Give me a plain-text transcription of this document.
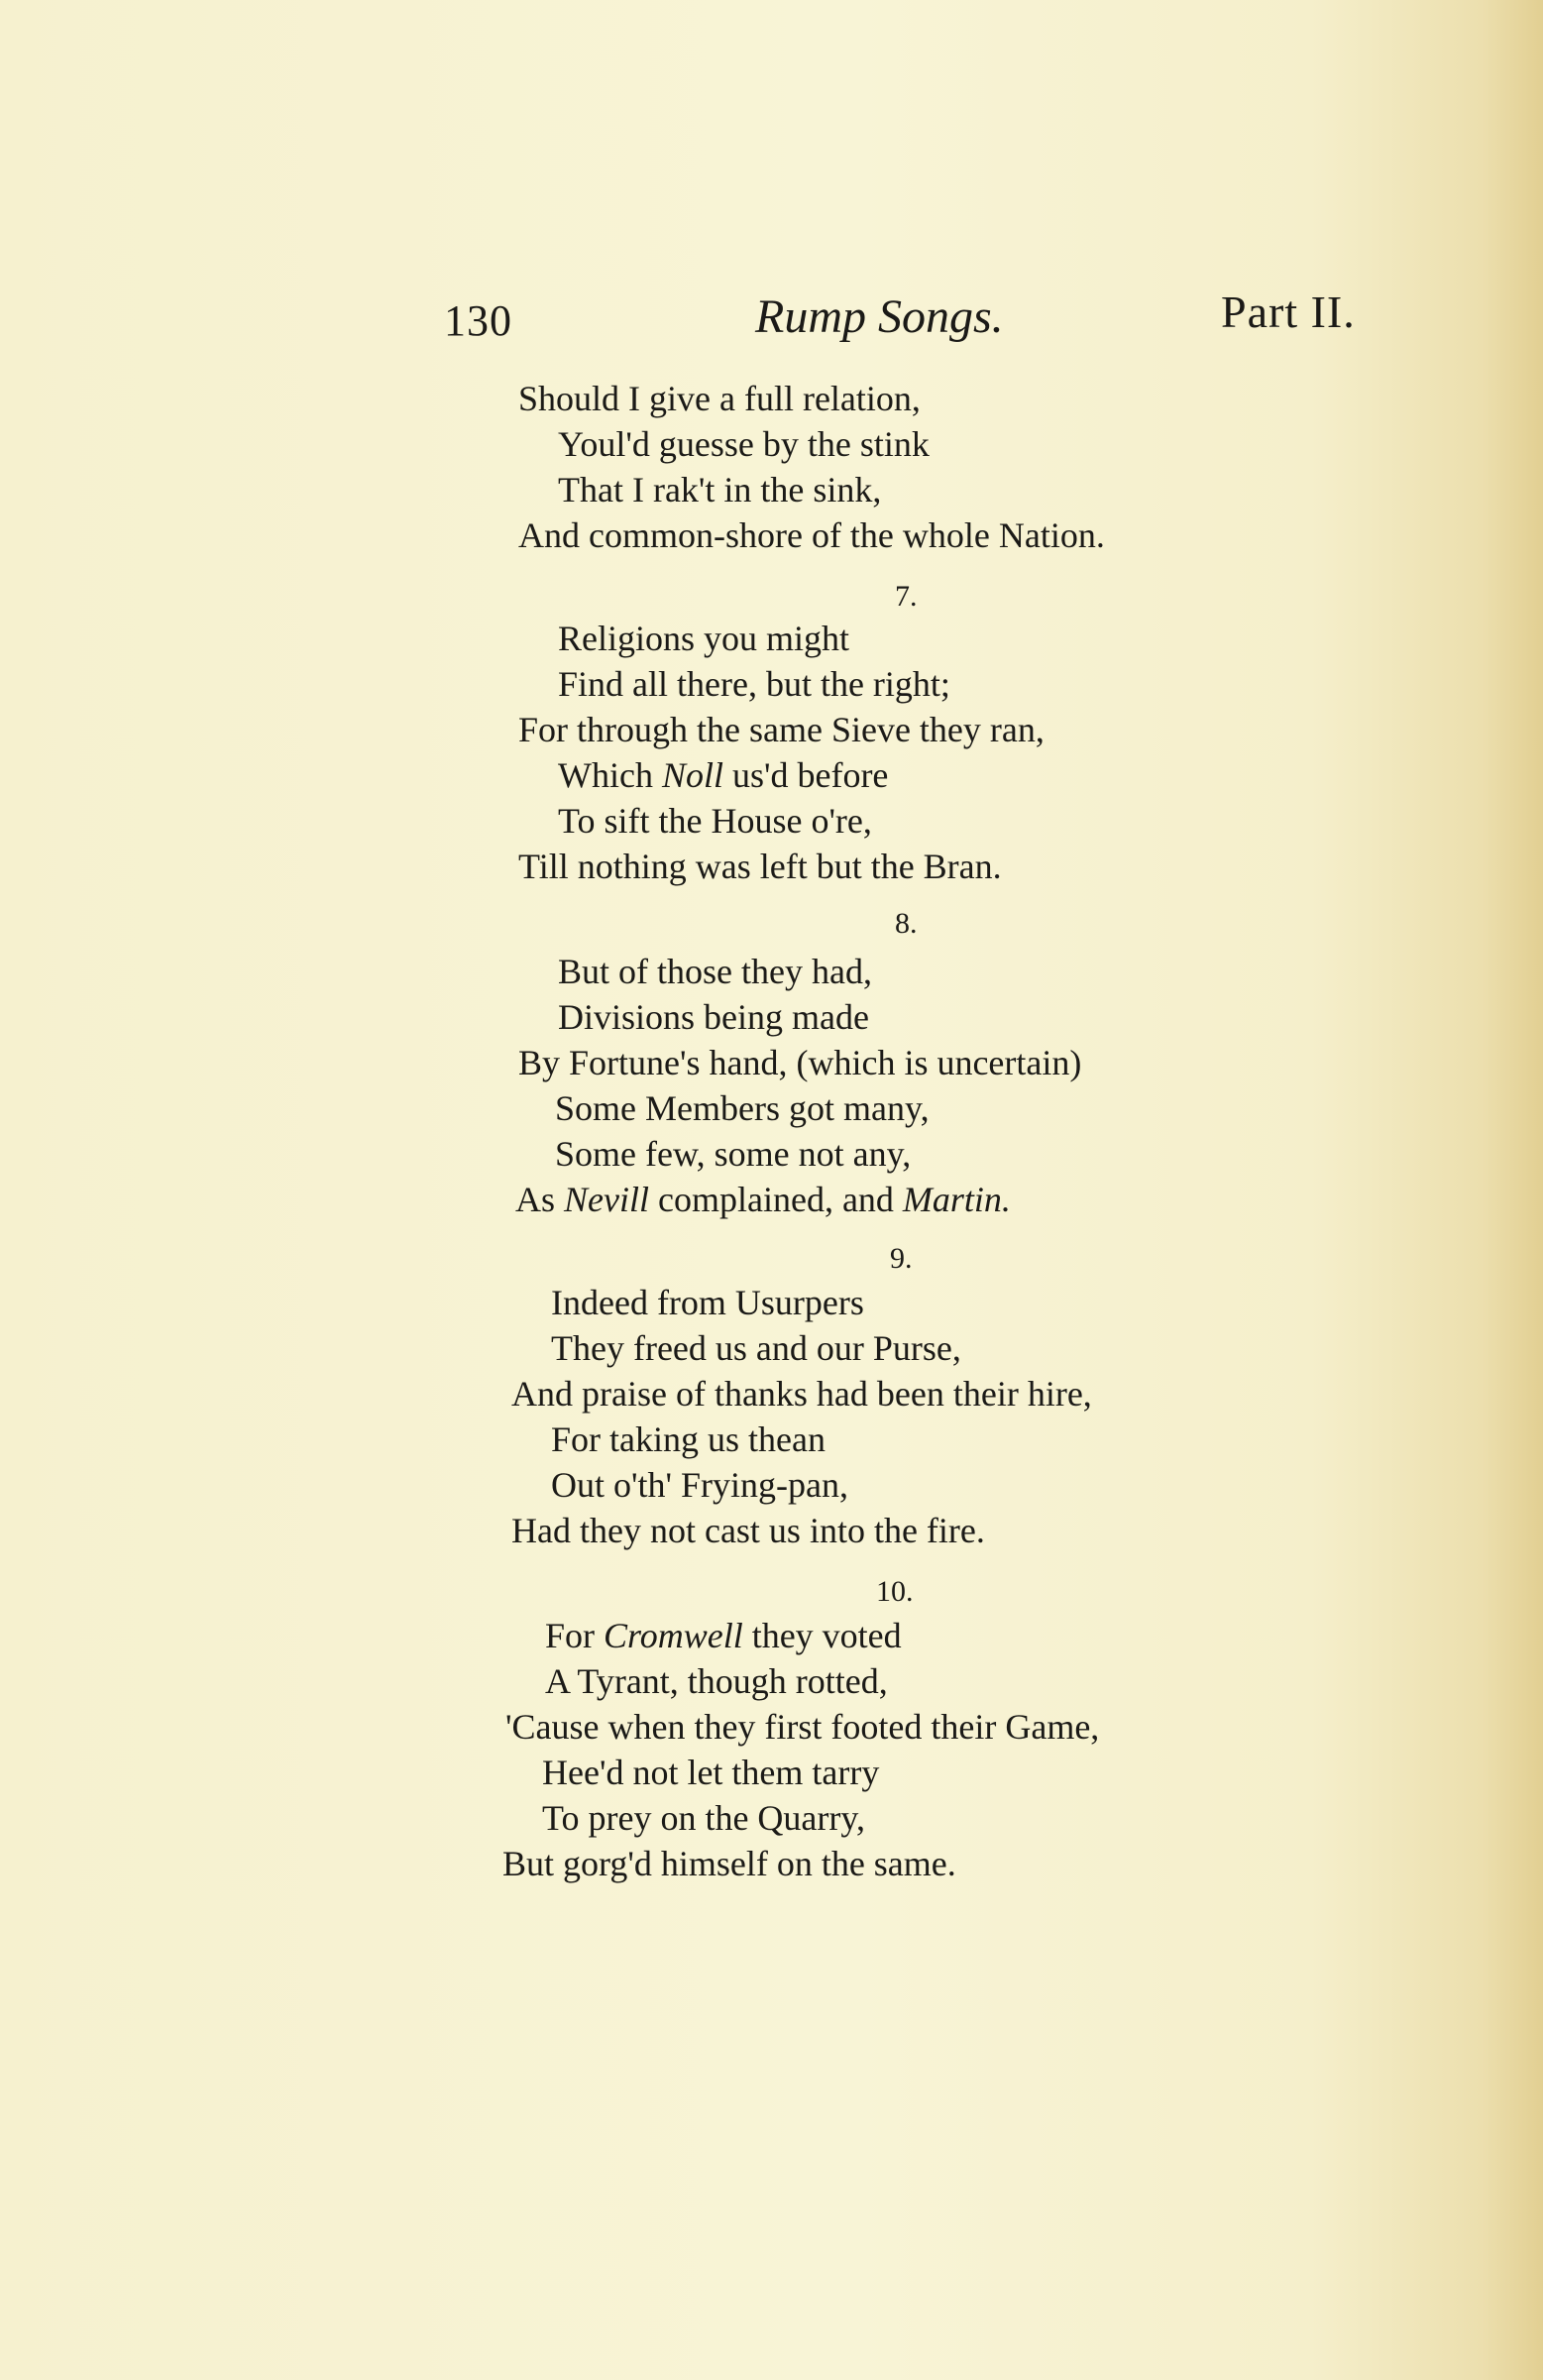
130	Rump Songs.	Part II.
Should I give a full relation,
Youl'd guesse by the stink
That I rak't in the sink,
And common-shore of the whole Nation.
7.
Religions you might
Find all there, but the right;
For through the same Sieve they ran,
Which Noll us'd before
To sift the House o're,
Till nothing was left but the Bran.
8.
But of those they had,
Divisions being made
By Fortune's hand, (which is uncertain)
Some Members got many,
Some few, some not any,
As Nevill complained, and Martin.
9.
Indeed from Usurpers
They freed us and our Purse,
And praise of thanks had been their hire,
For taking us thean
Out o'th' Frying-pan,
Had they not cast us into the fire.
10.
For Cromwell they voted
A Tyrant, though rotted,
'Cause when they first footed their Game,
Hee'd not let them tarry
To prey on the Quarry,
But gorg'd himself on the same.
